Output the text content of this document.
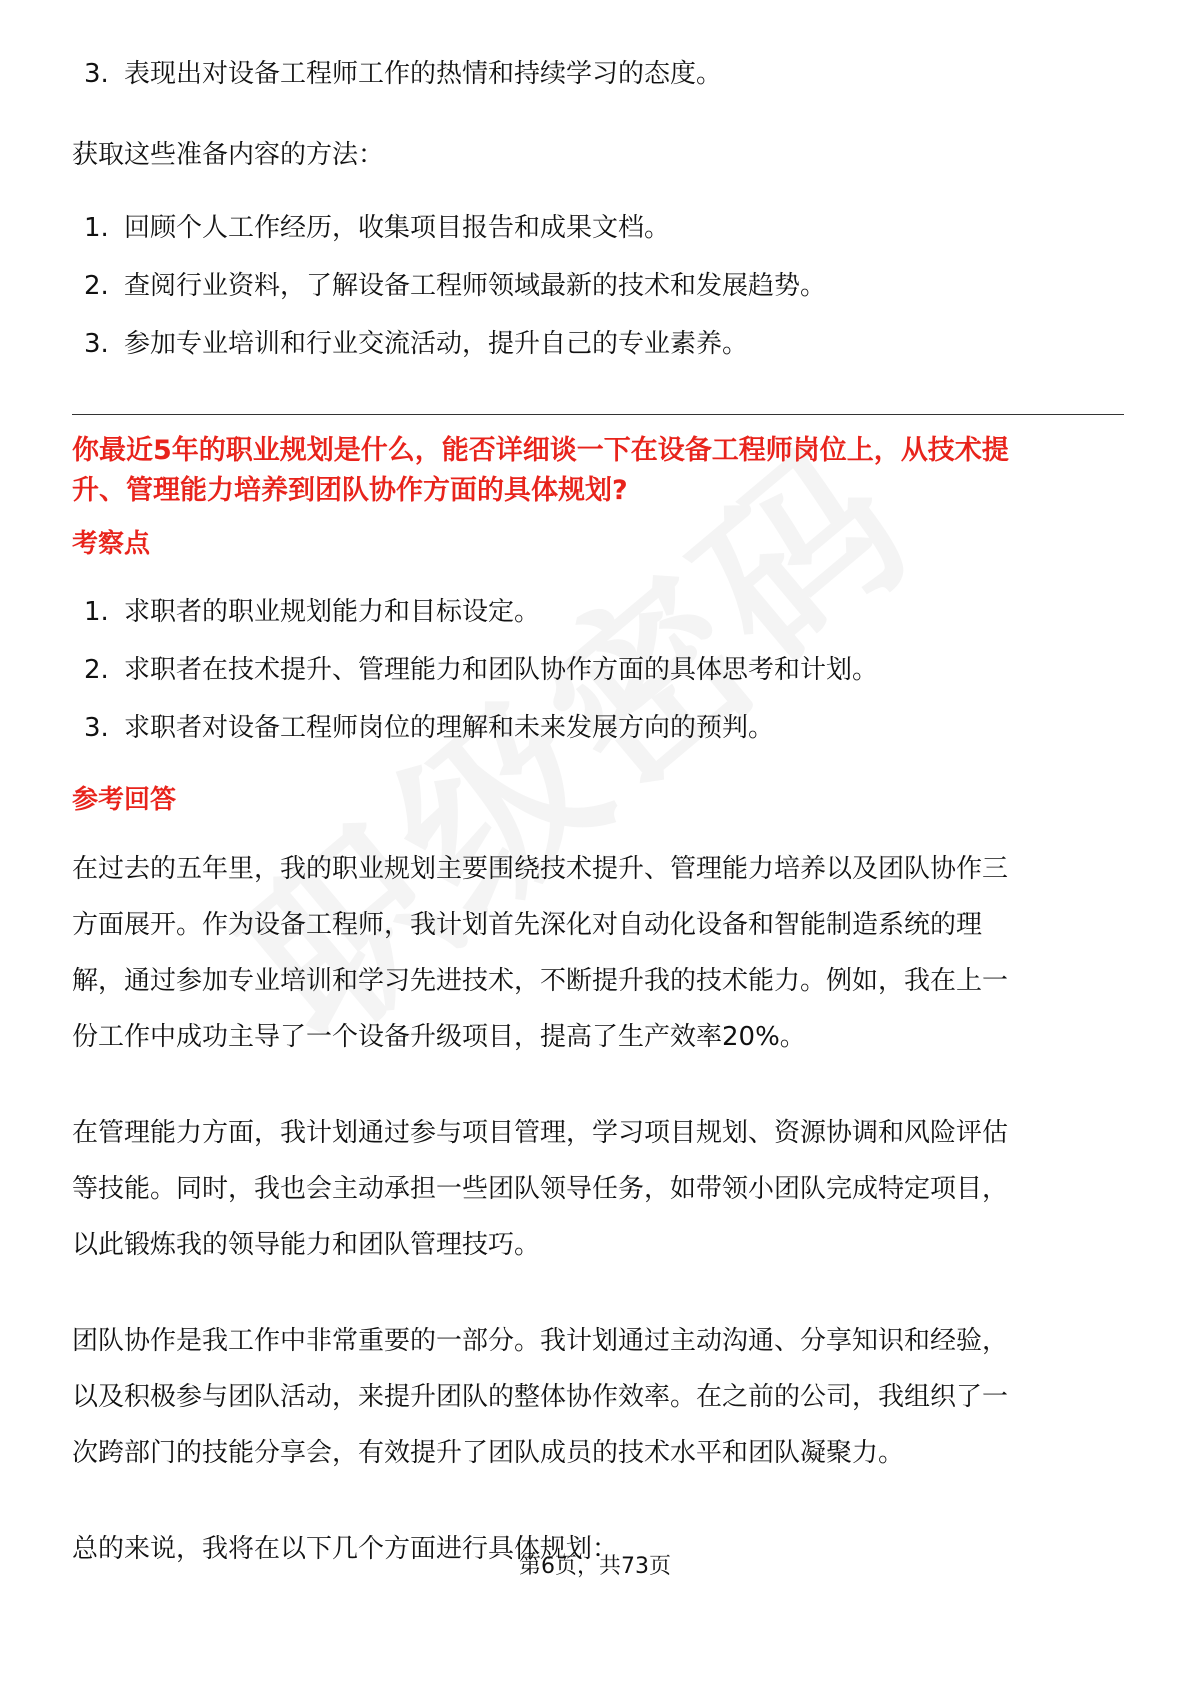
3. 表现出对设备工程师工作的热情和持续学习的态度。

获取这些准备内容的方法：

1. 回顾个人工作经历，收集项目报告和成果文档。
2. 查阅行业资料，了解设备工程师领域最新的技术和发展趋势。
3. 参加专业培训和行业交流活动，提升自己的专业素养。

你最近5年的职业规划是什么，能否详细谈一下在设备工程师岗位上，从技术提

升、管理能力培养到团队协作方面的具体规划?

考察点

1. 求职者的职业规划能力和目标设定。
2. 求职者在技术提升、管理能力和团队协作方面的具体思考和计划。
3. 求职者对设备工程师岗位的理解和未来发展方向的预判。

参考回答

在过去的五年里，我的职业规划主要围绕技术提升、管理能力培养以及团队协作三

方面展开。作为设备工程师，我计划首先深化对自动化设备和智能制造系统的理

解，通过参加专业培训和学习先进技术，不断提升我的技术能力。例如，我在上一

份工作中成功主导了一个设备升级项目，提高了生产效率20%。

在管理能力方面，我计划通过参与项目管理，学习项目规划、资源协调和风险评估

等技能。同时，我也会主动承担一些团队领导任务，如带领小团队完成特定项目，

以此锻炼我的领导能力和团队管理技巧。

团队协作是我工作中非常重要的一部分。我计划通过主动沟通、分享知识和经验，

以及积极参与团队活动，来提升团队的整体协作效率。在之前的公司，我组织了一

次跨部门的技能分享会，有效提升了团队成员的技术水平和团队凝聚力。

总的来说，我将在以下几个方面进行具体规划：

第6页，共73页
